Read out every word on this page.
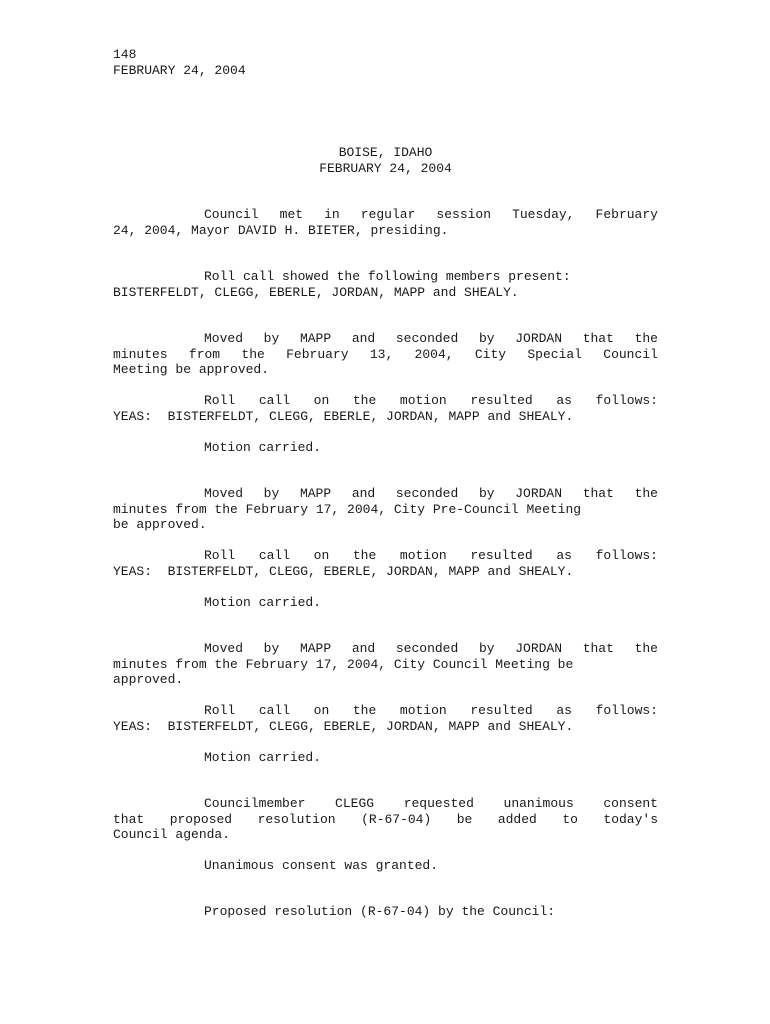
148
FEBRUARY 24, 2004
BOISE, IDAHO
FEBRUARY 24, 2004
Council met in regular session Tuesday, February
24, 2004, Mayor DAVID H. BIETER, presiding.
Roll call showed the following members present:
BISTERFELDT, CLEGG, EBERLE, JORDAN, MAPP and SHEALY.
Moved by MAPP and seconded by JORDAN that the
minutes from the February 13, 2004, City Special Council
Meeting be approved.
Roll call on the motion resulted as follows:
YEAS:  BISTERFELDT, CLEGG, EBERLE, JORDAN, MAPP and SHEALY.
Motion carried.
Moved by MAPP and seconded by JORDAN that the
minutes from the February 17, 2004, City Pre-Council Meeting
be approved.
Roll call on the motion resulted as follows:
YEAS:  BISTERFELDT, CLEGG, EBERLE, JORDAN, MAPP and SHEALY.
Motion carried.
Moved by MAPP and seconded by JORDAN that the
minutes from the February 17, 2004, City Council Meeting be
approved.
Roll call on the motion resulted as follows:
YEAS:  BISTERFELDT, CLEGG, EBERLE, JORDAN, MAPP and SHEALY.
Motion carried.
Councilmember CLEGG requested unanimous consent
that proposed resolution (R-67-04) be added to today's
Council agenda.
Unanimous consent was granted.
Proposed resolution (R-67-04) by the Council:
